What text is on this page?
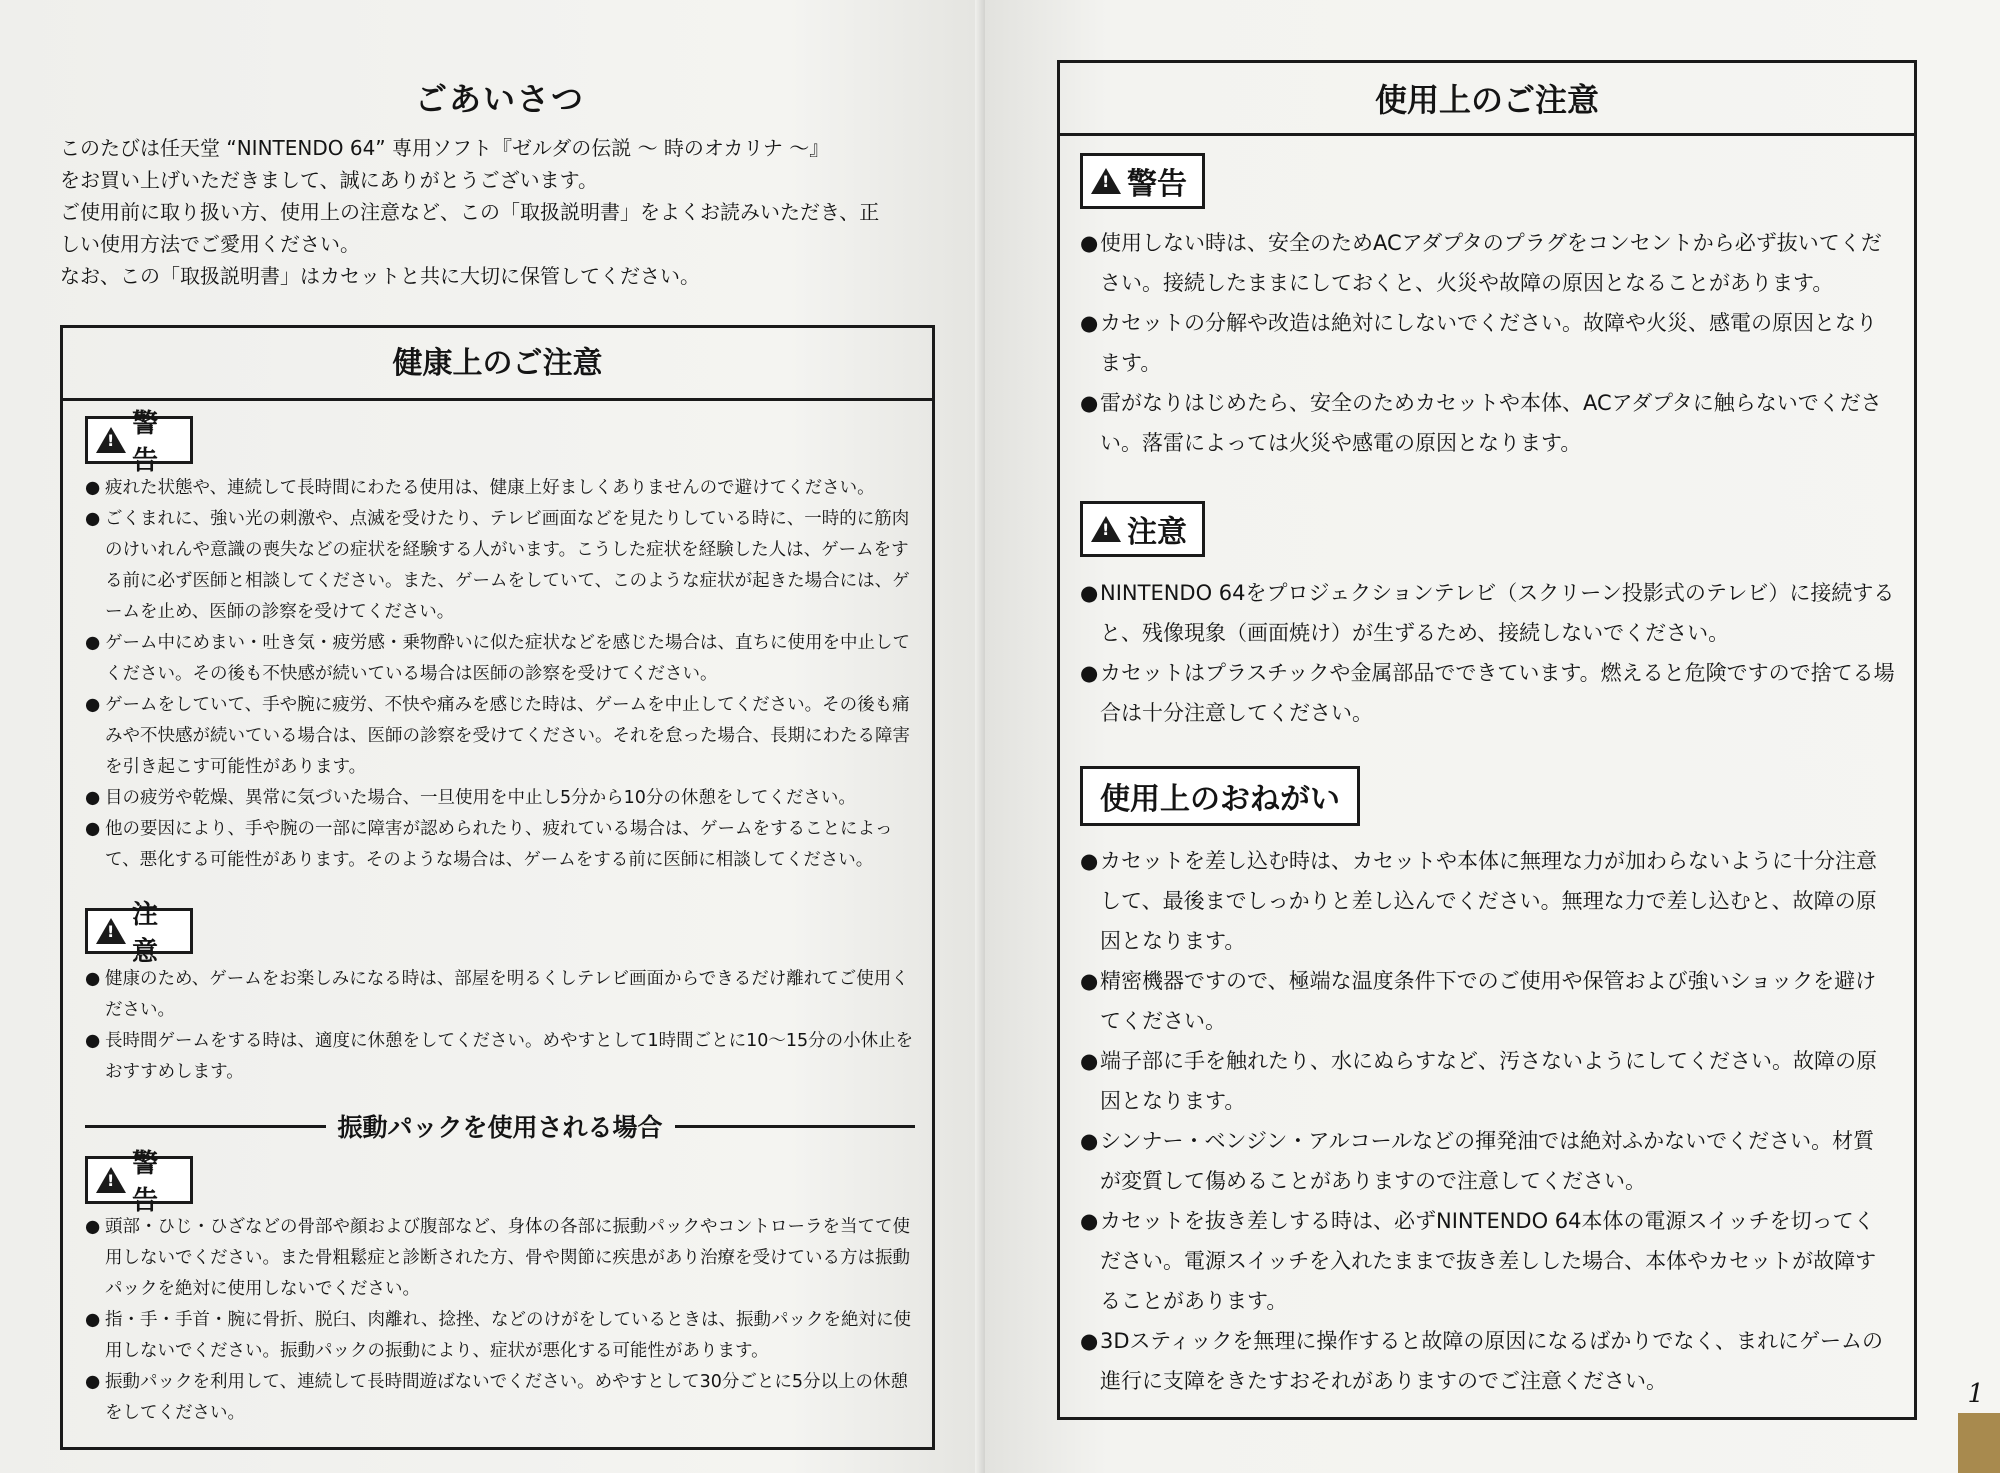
ごあいさつ

このたびは任天堂 “NINTENDO 64” 専用ソフト『ゼルダの伝説 〜 時のオカリナ 〜』

をお買い上げいただきまして、誠にありがとうございます。

ご使用前に取り扱い方、使用上の注意など、この「取扱説明書」をよくお読みいただき、正

しい使用方法でご愛用ください。

なお、この「取扱説明書」はカセットと共に大切に保管してください。

健康上のご注意
!
警告
● 疲れた状態や、連続して長時間にわたる使用は、健康上好ましくありませんので避けてください。
● ごくまれに、強い光の刺激や、点滅を受けたり、テレビ画面などを見たりしている時に、一時的に筋肉のけいれんや意識の喪失などの症状を経験する人がいます。こうした症状を経験した人は、ゲームをする前に必ず医師と相談してください。また、ゲームをしていて、このような症状が起きた場合には、ゲームを止め、医師の診察を受けてください。
● ゲーム中にめまい・吐き気・疲労感・乗物酔いに似た症状などを感じた場合は、直ちに使用を中止してください。その後も不快感が続いている場合は医師の診察を受けてください。
● ゲームをしていて、手や腕に疲労、不快や痛みを感じた時は、ゲームを中止してください。その後も痛みや不快感が続いている場合は、医師の診察を受けてください。それを怠った場合、長期にわたる障害を引き起こす可能性があります。
● 目の疲労や乾燥、異常に気づいた場合、一旦使用を中止し5分から10分の休憩をしてください。
● 他の要因により、手や腕の一部に障害が認められたり、疲れている場合は、ゲームをすることによって、悪化する可能性があります。そのような場合は、ゲームをする前に医師に相談してください。
!
注意
● 健康のため、ゲームをお楽しみになる時は、部屋を明るくしテレビ画面からできるだけ離れてご使用ください。
● 長時間ゲームをする時は、適度に休憩をしてください。めやすとして1時間ごとに10〜15分の小休止をおすすめします。
振動パックを使用される場合
!
警告
● 頭部・ひじ・ひざなどの骨部や顔および腹部など、身体の各部に振動パックやコントローラを当てて使用しないでください。また骨粗鬆症と診断された方、骨や関節に疾患があり治療を受けている方は振動パックを絶対に使用しないでください。
● 指・手・手首・腕に骨折、脱臼、肉離れ、捻挫、などのけがをしているときは、振動パックを絶対に使用しないでください。振動パックの振動により、症状が悪化する可能性があります。
● 振動パックを利用して、連続して長時間遊ばないでください。めやすとして30分ごとに5分以上の休憩をしてください。
使用上のご注意
!
警告
● 使用しない時は、安全のためACアダプタのプラグをコンセントから必ず抜いてください。接続したままにしておくと、火災や故障の原因となることがあります。
● カセットの分解や改造は絶対にしないでください。故障や火災、感電の原因となります。
● 雷がなりはじめたら、安全のためカセットや本体、ACアダプタに触らないでください。落雷によっては火災や感電の原因となります。
!
注意
● NINTENDO 64をプロジェクションテレビ（スクリーン投影式のテレビ）に接続すると、残像現象（画面焼け）が生ずるため、接続しないでください。
● カセットはプラスチックや金属部品でできています。燃えると危険ですので捨てる場合は十分注意してください。
使用上のおねがい
● カセットを差し込む時は、カセットや本体に無理な力が加わらないように十分注意して、最後までしっかりと差し込んでください。無理な力で差し込むと、故障の原因となります。
● 精密機器ですので、極端な温度条件下でのご使用や保管および強いショックを避けてください。
● 端子部に手を触れたり、水にぬらすなど、汚さないようにしてください。故障の原因となります。
● シンナー・ベンジン・アルコールなどの揮発油では絶対ふかないでください。材質が変質して傷めることがありますので注意してください。
● カセットを抜き差しする時は、必ずNINTENDO 64本体の電源スイッチを切ってください。電源スイッチを入れたままで抜き差しした場合、本体やカセットが故障することがあります。
● 3Dスティックを無理に操作すると故障の原因になるばかりでなく、まれにゲームの進行に支障をきたすおそれがありますのでご注意ください。	1
